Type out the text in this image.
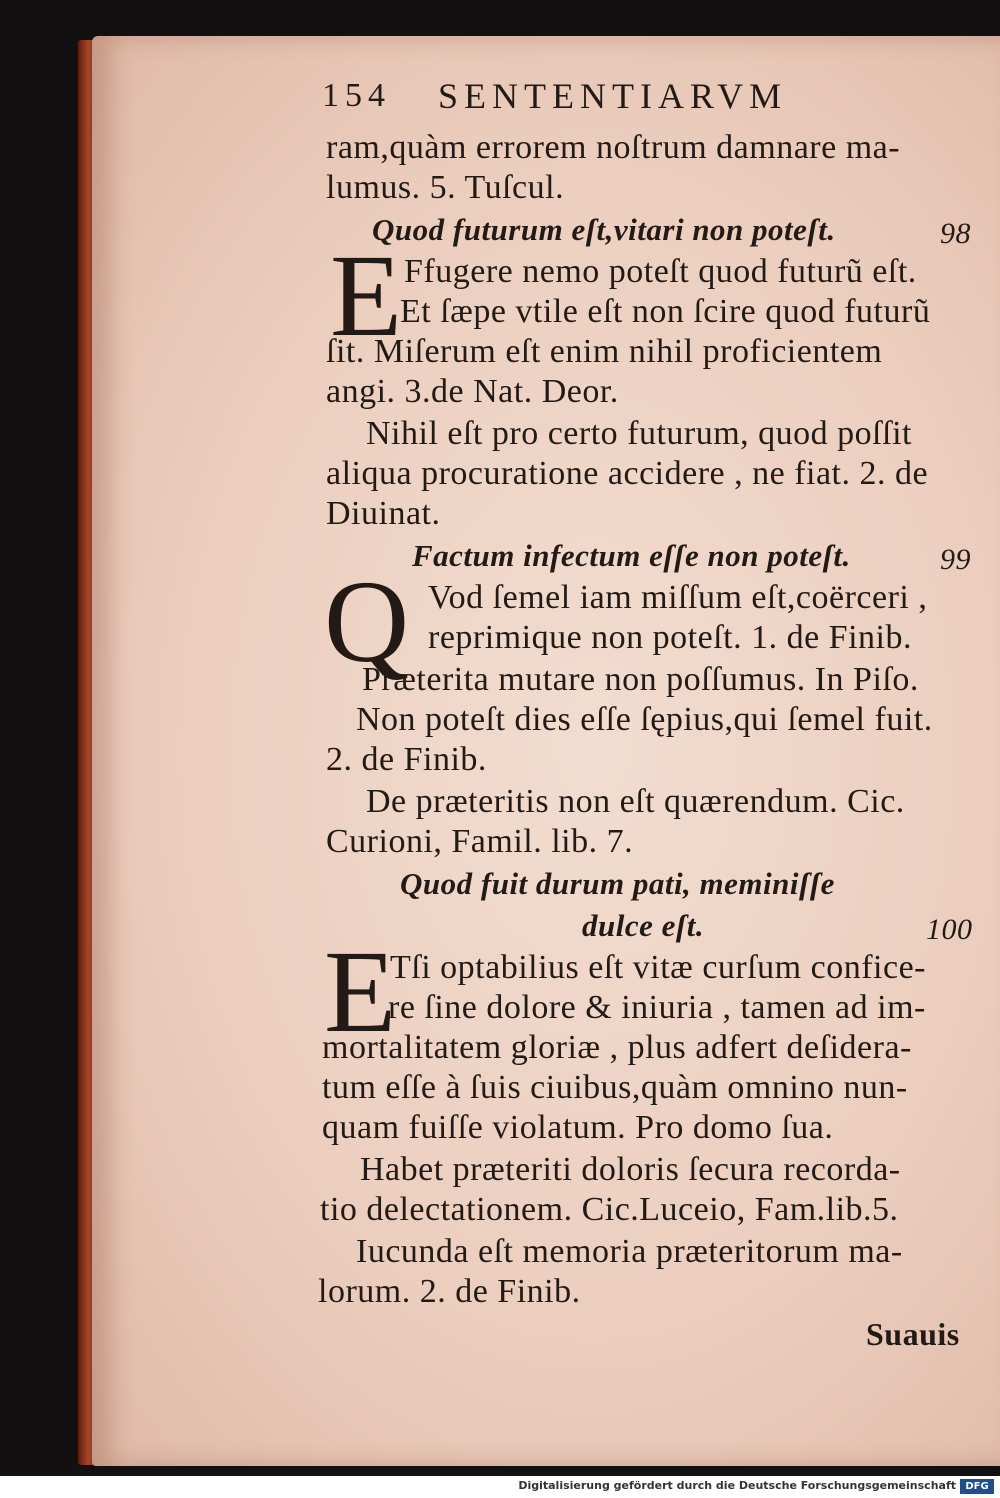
154 SENTENTIARVM
ram,quàm errorem noſtrum damnare ma-
lumus. 5. Tuſcul.
Quod futurum eſt,vitari non poteſt.	98
E Ffugere nemo poteſt quod futurũ eſt.
Et ſæpe vtile eſt non ſcire quod futurũ
ſit. Miſerum eſt enim nihil proficientem
angi. 3.de Nat. Deor.
Nihil eſt pro certo futurum, quod poſſit
aliqua procuratione accidere , ne fiat. 2. de
Diuinat.
Factum infectum eſſe non poteſt.	99
Q Vod ſemel iam miſſum eſt,coërceri ,
reprimique non poteſt. 1. de Finib.
Præterita mutare non poſſumus. In Piſo.
Non poteſt dies eſſe ſępius,qui ſemel fuit.
2. de Finib.
De præteritis non eſt quærendum. Cic.
Curioni, Famil. lib. 7.
Quod fuit durum pati, meminiſſe
dulce eſt.	100
E
Tſi optabilius eſt vitæ curſum confice-
re ſine dolore & iniuria , tamen ad im-
mortalitatem gloriæ , plus adfert deſidera-
tum eſſe à ſuis ciuibus,quàm omnino nun-
quam fuiſſe violatum. Pro domo ſua.
Habet præteriti doloris ſecura recorda-
tio delectationem. Cic.Luceio, Fam.lib.5.
Iucunda eſt memoria præteritorum ma-
lorum. 2. de Finib.
Suauis
Digitalisierung gefördert durch die Deutsche Forschungsgemeinschaft DFG
